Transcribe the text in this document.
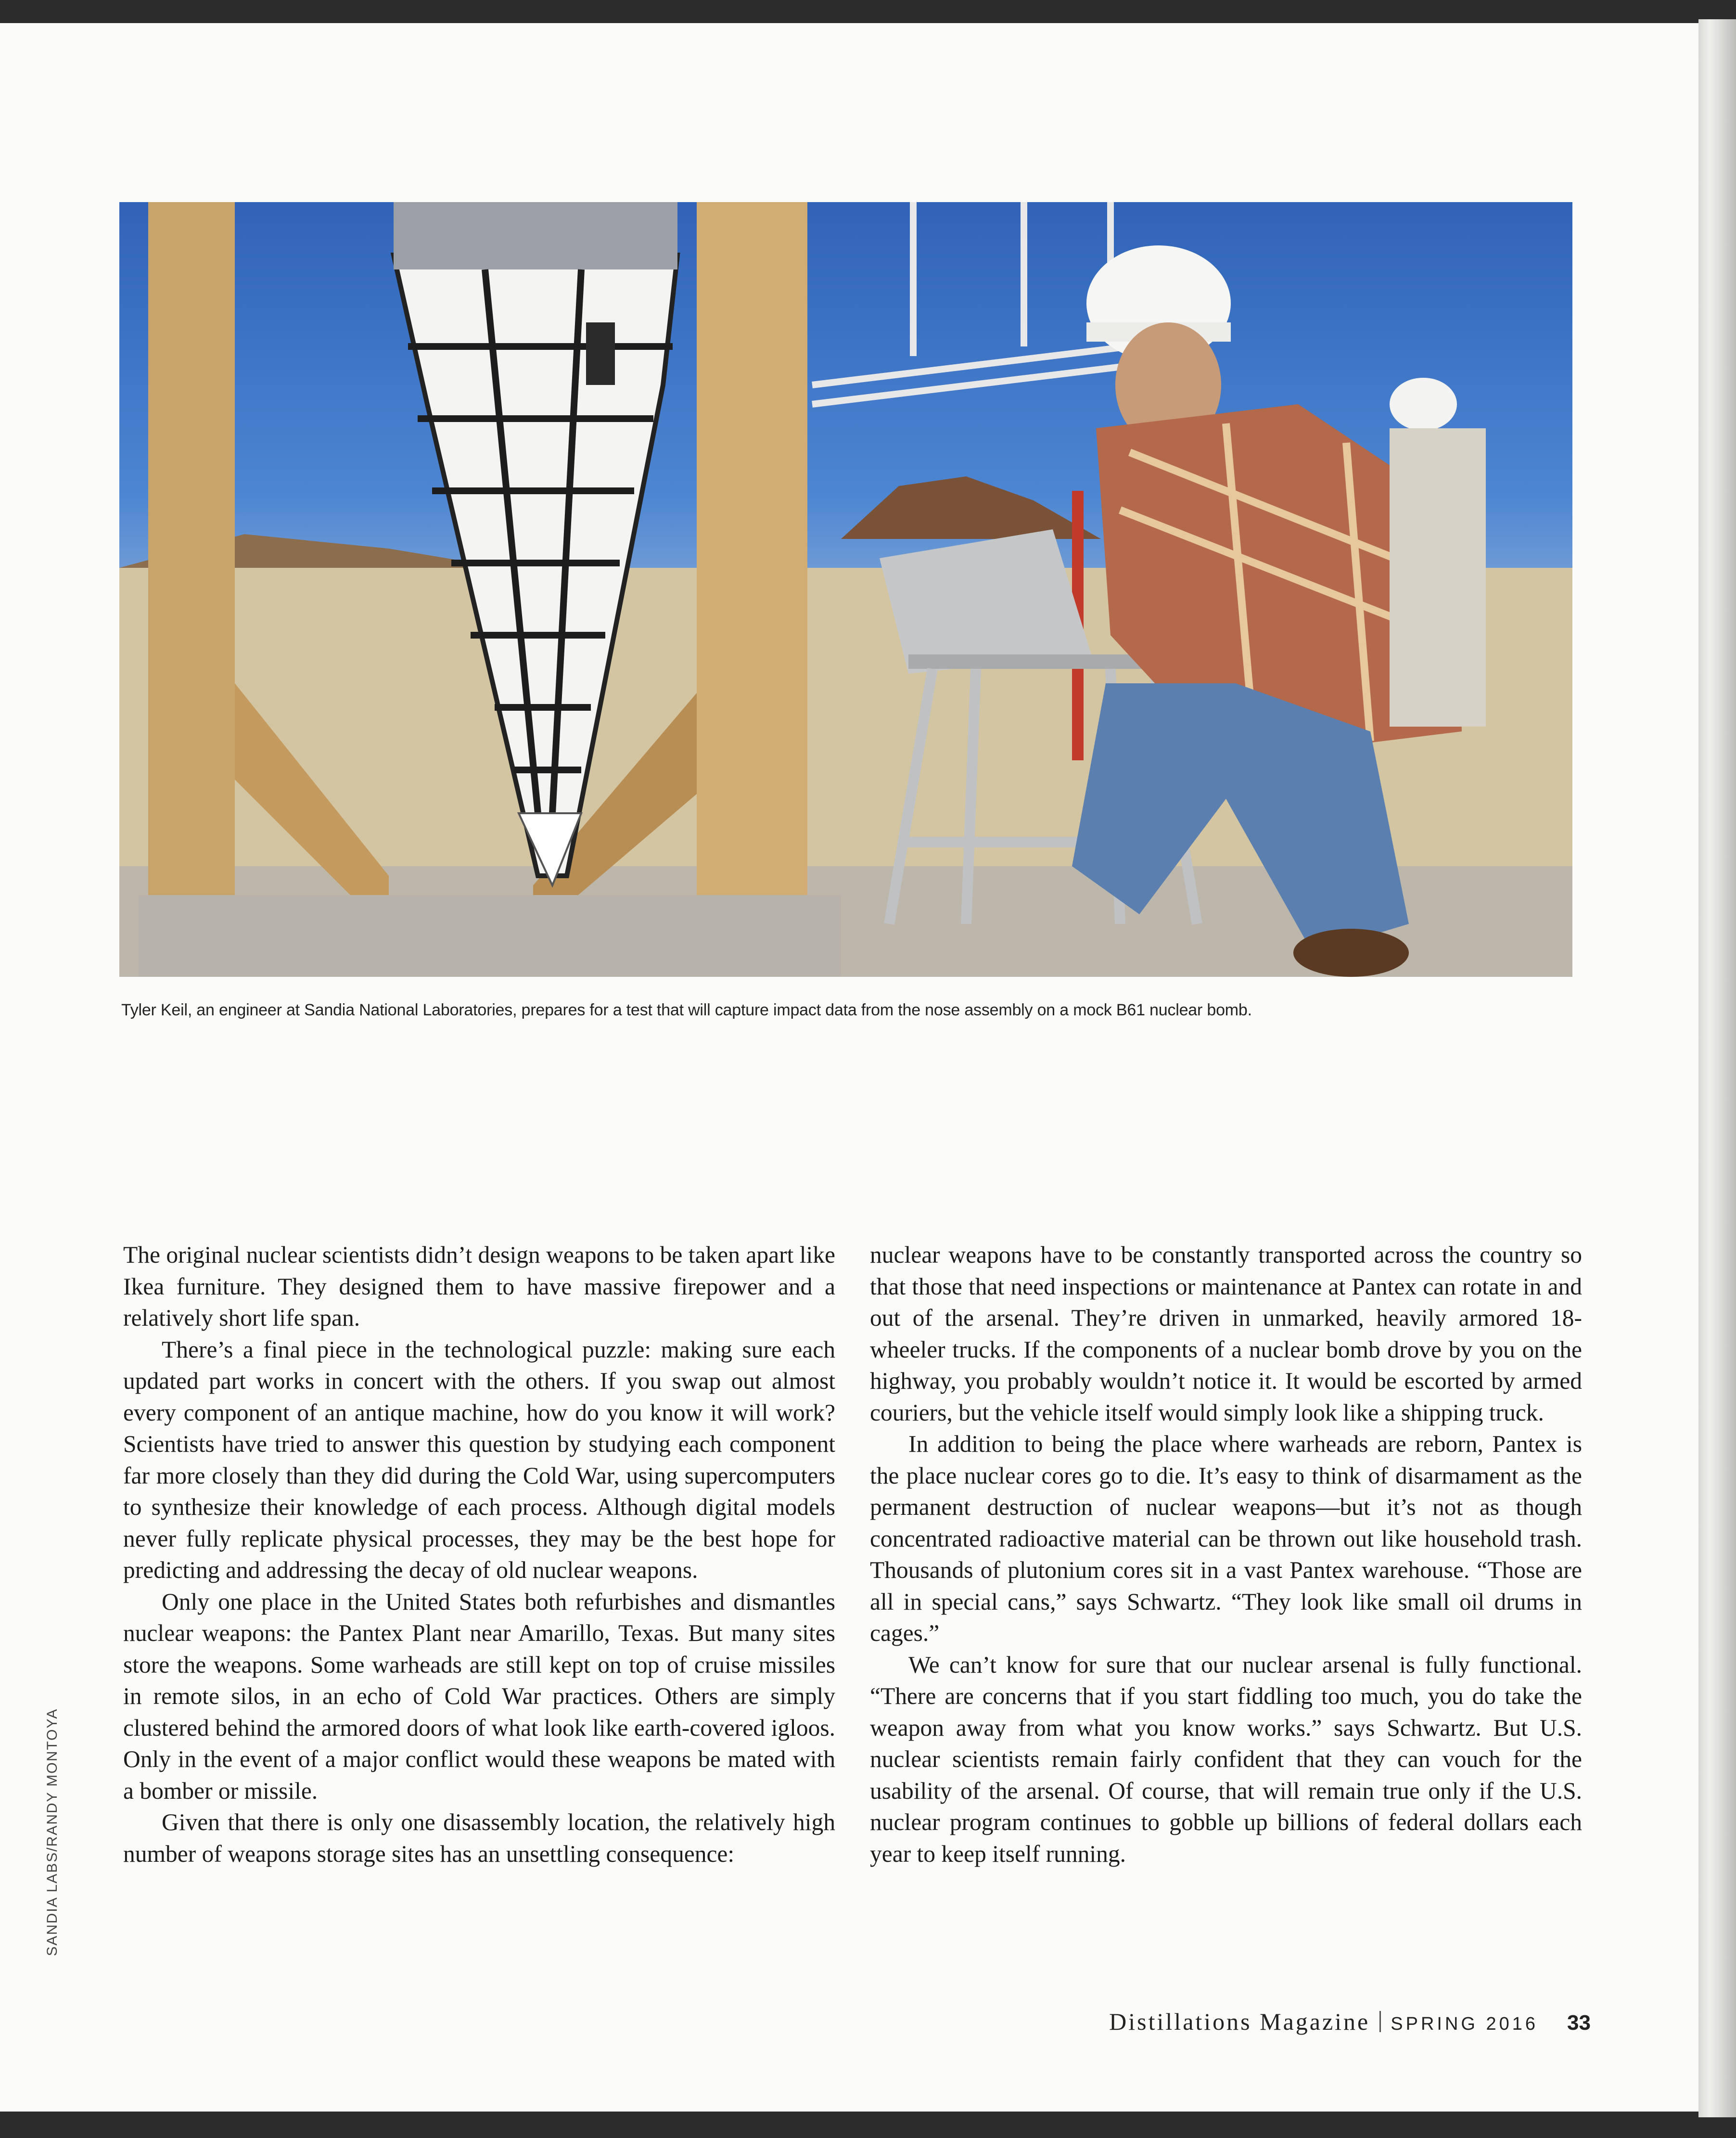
Tyler Keil, an engineer at Sandia National Laboratories, prepares for a test that will capture impact data from the nose assembly on a mock B61 nuclear bomb.

The original nuclear scientists didn’t design weapons to be taken apart like Ikea furniture. They designed them to have massive firepower and a relatively short life span.

There’s a final piece in the technological puzzle: making sure each updated part works in concert with the others. If you swap out almost every component of an antique machine, how do you know it will work? Scientists have tried to answer this question by studying each component far more closely than they did during the Cold War, using supercomputers to synthesize their knowledge of each process. Although digital models never fully replicate physical processes, they may be the best hope for predicting and addressing the decay of old nuclear weapons.

Only one place in the United States both refurbishes and dismantles nuclear weapons: the Pantex Plant near Amarillo, Texas. But many sites store the weapons. Some warheads are still kept on top of cruise missiles in remote silos, in an echo of Cold War practices. Others are simply clustered behind the armored doors of what look like earth-covered igloos. Only in the event of a major conflict would these weapons be mated with a bomber or missile.

Given that there is only one disassembly location, the relatively high number of weapons storage sites has an unsettling consequence:

nuclear weapons have to be constantly transported across the country so that those that need inspections or maintenance at Pantex can rotate in and out of the arsenal. They’re driven in unmarked, heavily armored 18-wheeler trucks. If the components of a nuclear bomb drove by you on the highway, you probably wouldn’t notice it. It would be escorted by armed couriers, but the vehicle itself would simply look like a shipping truck.

In addition to being the place where warheads are reborn, Pantex is the place nuclear cores go to die. It’s easy to think of disarmament as the permanent destruction of nuclear weapons—but it’s not as though concentrated radioactive material can be thrown out like household trash. Thousands of plutonium cores sit in a vast Pantex warehouse. “Those are all in special cans,” says Schwartz. “They look like small oil drums in cages.”

We can’t know for sure that our nuclear arsenal is fully functional. “There are concerns that if you start fiddling too much, you do take the weapon away from what you know works.” says Schwartz. But U.S. nuclear scientists remain fairly confident that they can vouch for the usability of the arsenal. Of course, that will remain true only if the U.S. nuclear program continues to gobble up billions of federal dollars each year to keep itself running.

SANDIA LABS/RANDY MONTOYA
Distillations Magazine SPRING 2016 33
